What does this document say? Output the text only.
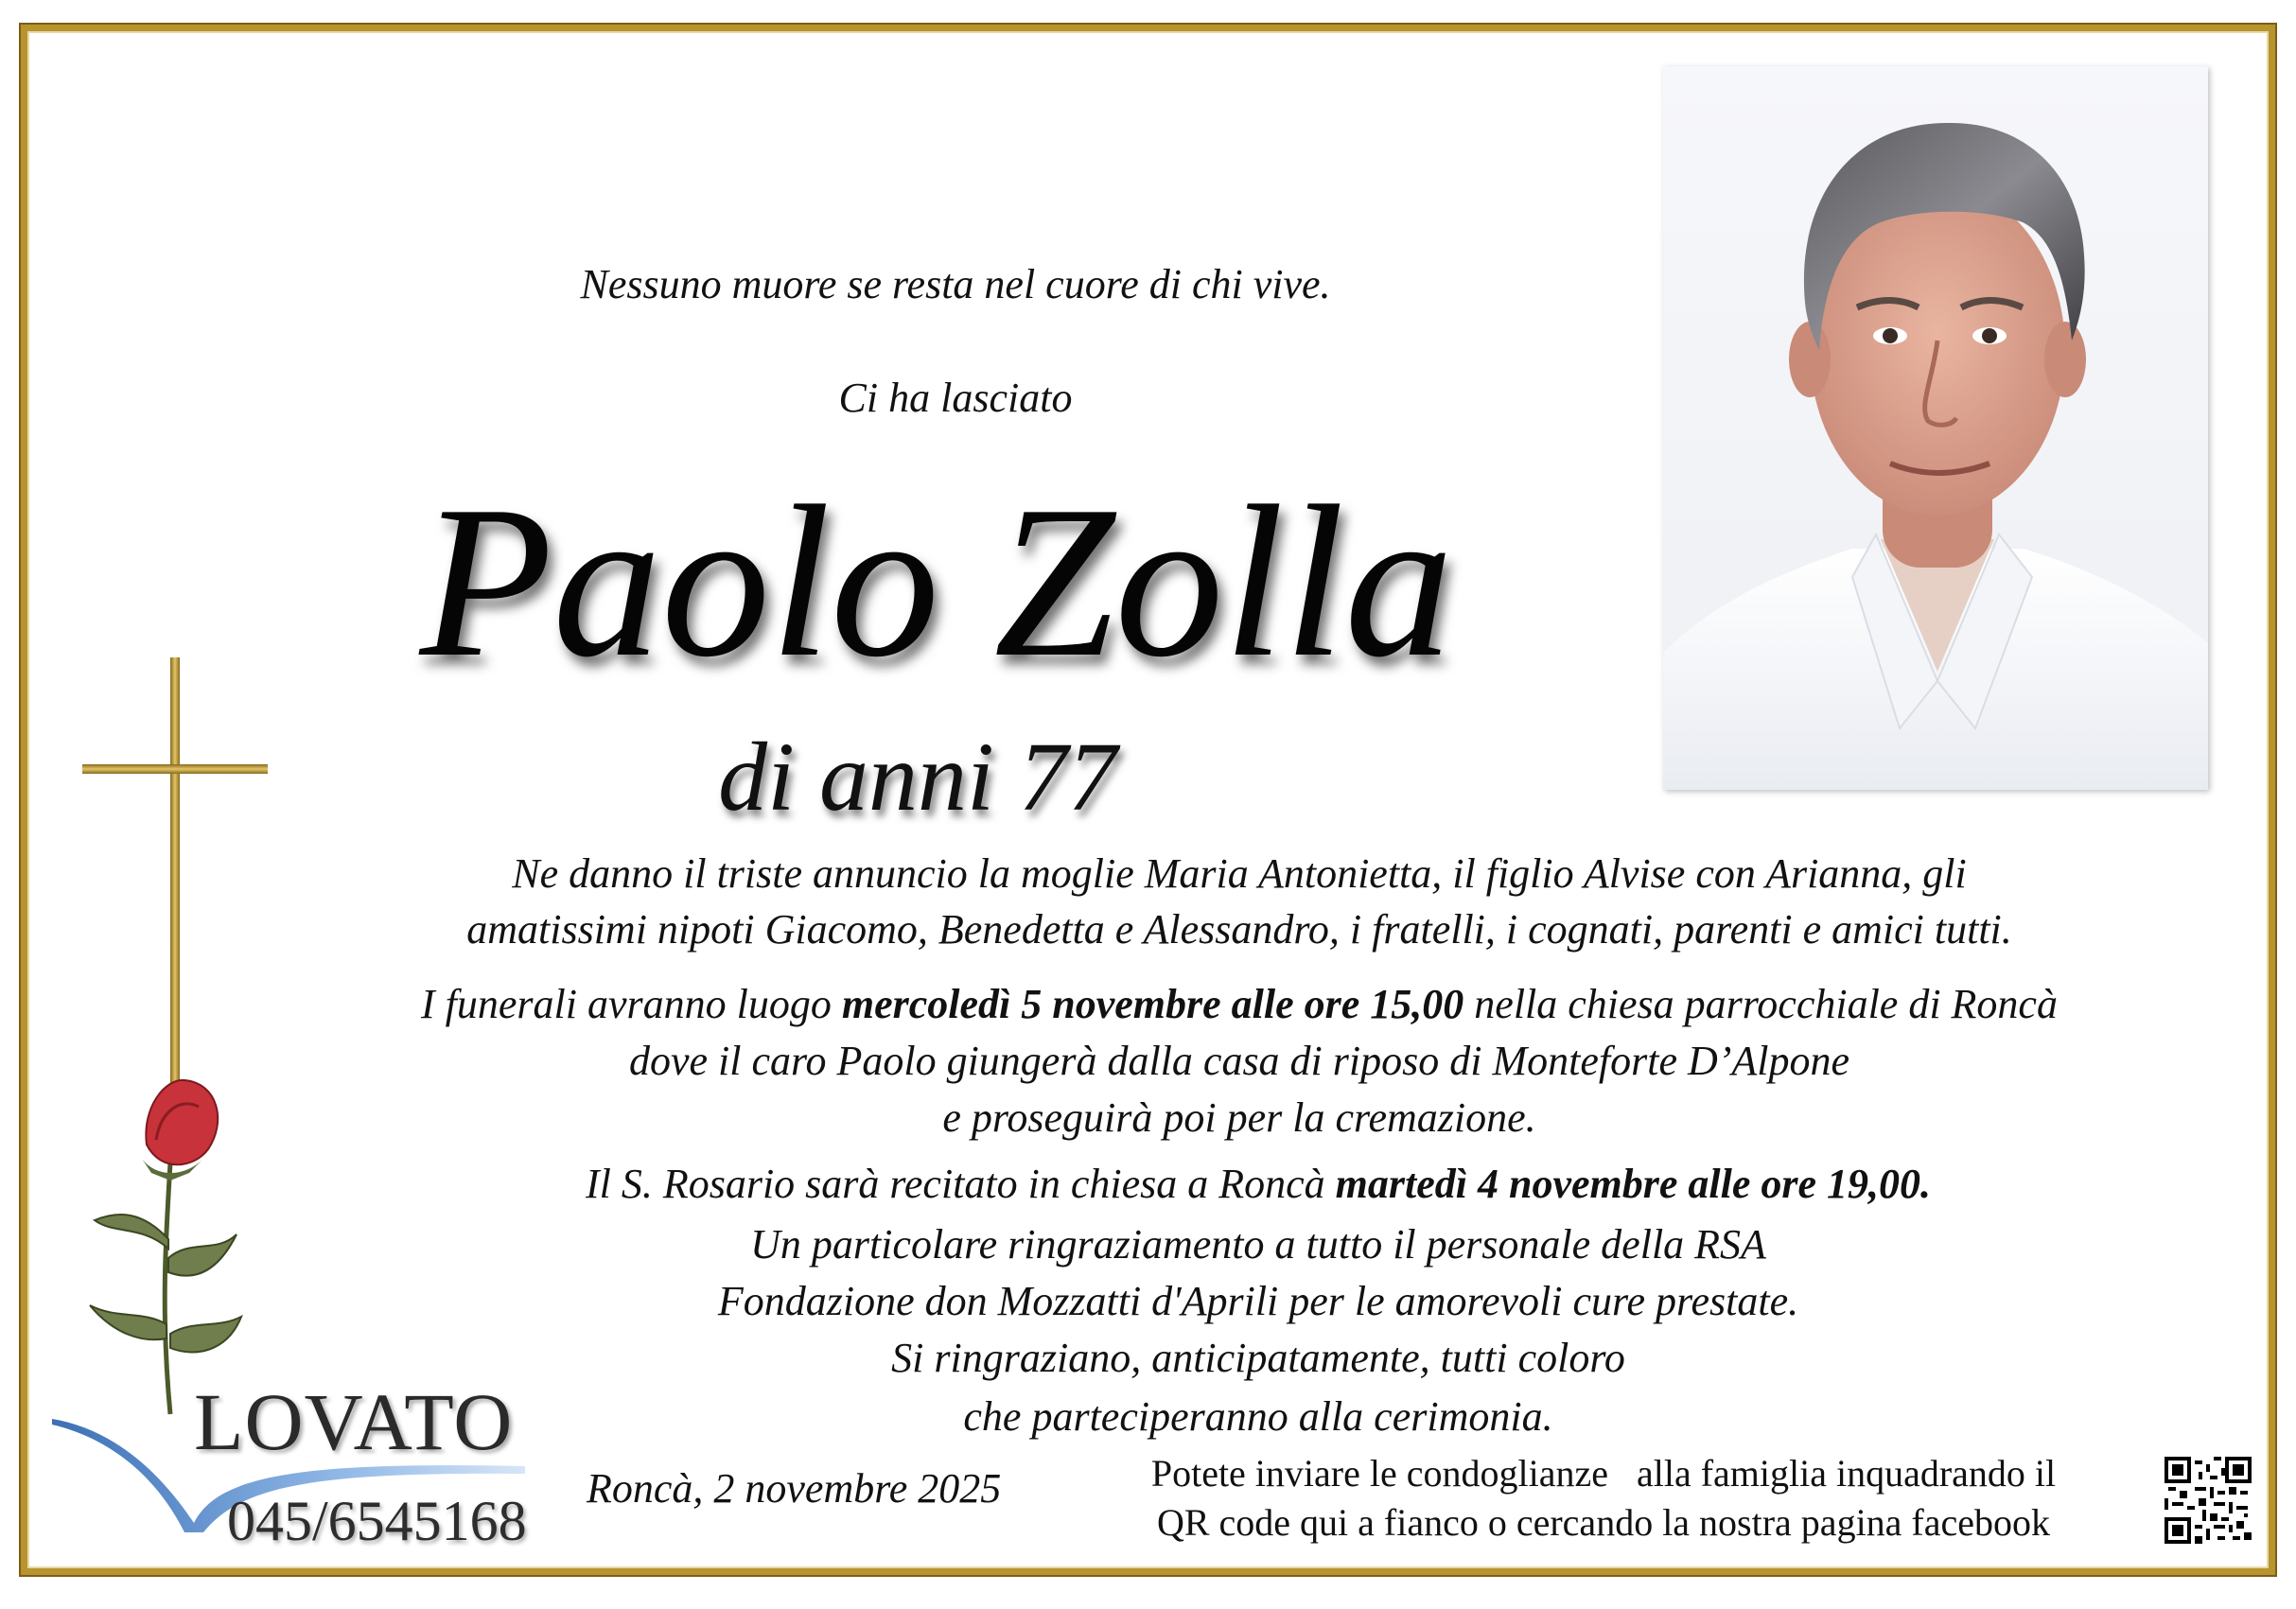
Nessuno muore se resta nel cuore di chi vive.
Ci ha lasciato
Paolo Zolla
di anni 77
Ne danno il triste annuncio la moglie Maria Antonietta, il figlio Alvise con Arianna, gli
amatissimi nipoti Giacomo, Benedetta e Alessandro, i fratelli, i cognati, parenti e amici tutti.
I funerali avranno luogo mercoledì 5 novembre alle ore 15,00 nella chiesa parrocchiale di Roncà
dove il caro Paolo giungerà dalla casa di riposo di Monteforte D’Alpone
e proseguirà poi per la cremazione.
Il S. Rosario sarà recitato in chiesa a Roncà martedì 4 novembre alle ore 19,00.
Un particolare ringraziamento a tutto il personale della RSA
Fondazione don Mozzatti d'Aprili per le amorevoli cure prestate.
Si ringraziano, anticipatamente, tutti coloro
che parteciperanno alla cerimonia.
Roncà, 2 novembre 2025	Potete inviare le condoglianze   alla famiglia inquadrando il
QR code qui a fianco o cercando la nostra pagina facebook
LOVATO
045/6545168
